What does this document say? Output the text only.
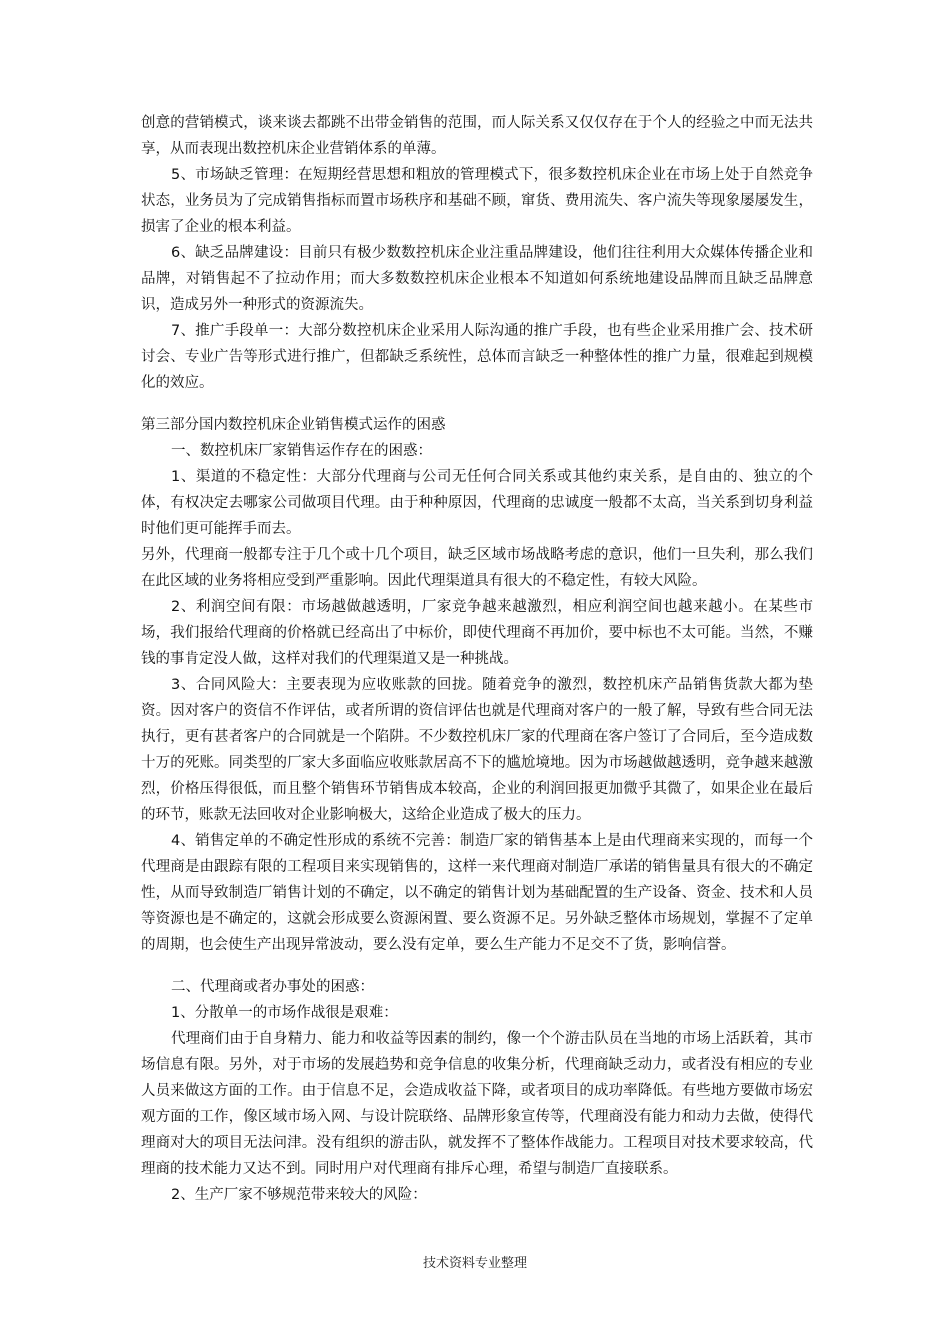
创意的营销模式，谈来谈去都跳不出带金销售的范围，而人际关系又仅仅存在于个人的经验之中而无法共享，从而表现出数控机床企业营销体系的单薄。

5、市场缺乏管理：在短期经营思想和粗放的管理模式下，很多数控机床企业在市场上处于自然竞争状态，业务员为了完成销售指标而置市场秩序和基础不顾，窜货、费用流失、客户流失等现象屡屡发生，损害了企业的根本利益。

6、缺乏品牌建设：目前只有极少数数控机床企业注重品牌建设，他们往往利用大众媒体传播企业和品牌，对销售起不了拉动作用；而大多数数控机床企业根本不知道如何系统地建设品牌而且缺乏品牌意识，造成另外一种形式的资源流失。

7、推广手段单一：大部分数控机床企业采用人际沟通的推广手段，也有些企业采用推广会、技术研讨会、专业广告等形式进行推广，但都缺乏系统性，总体而言缺乏一种整体性的推广力量，很难起到规模化的效应。

第三部分国内数控机床企业销售模式运作的困惑

一、数控机床厂家销售运作存在的困惑：

1、渠道的不稳定性：大部分代理商与公司无任何合同关系或其他约束关系，是自由的、独立的个体，有权决定去哪家公司做项目代理。由于种种原因，代理商的忠诚度一般都不太高，当关系到切身利益时他们更可能挥手而去。

另外，代理商一般都专注于几个或十几个项目，缺乏区域市场战略考虑的意识，他们一旦失利，那么我们在此区域的业务将相应受到严重影响。因此代理渠道具有很大的不稳定性，有较大风险。

2、利润空间有限：市场越做越透明，厂家竞争越来越激烈，相应利润空间也越来越小。在某些市场，我们报给代理商的价格就已经高出了中标价，即使代理商不再加价，要中标也不太可能。当然，不赚钱的事肯定没人做，这样对我们的代理渠道又是一种挑战。

3、合同风险大：主要表现为应收账款的回拢。随着竞争的激烈，数控机床产品销售货款大都为垫资。因对客户的资信不作评估，或者所谓的资信评估也就是代理商对客户的一般了解，导致有些合同无法执行，更有甚者客户的合同就是一个陷阱。不少数控机床厂家的代理商在客户签订了合同后，至今造成数十万的死账。同类型的厂家大多面临应收账款居高不下的尴尬境地。因为市场越做越透明，竞争越来越激烈，价格压得很低，而且整个销售环节销售成本较高，企业的利润回报更加微乎其微了，如果企业在最后的环节，账款无法回收对企业影响极大，这给企业造成了极大的压力。

4、销售定单的不确定性形成的系统不完善：制造厂家的销售基本上是由代理商来实现的，而每一个代理商是由跟踪有限的工程项目来实现销售的，这样一来代理商对制造厂承诺的销售量具有很大的不确定性，从而导致制造厂销售计划的不确定，以不确定的销售计划为基础配置的生产设备、资金、技术和人员等资源也是不确定的，这就会形成要么资源闲置、要么资源不足。另外缺乏整体市场规划，掌握不了定单的周期，也会使生产出现异常波动，要么没有定单，要么生产能力不足交不了货，影响信誉。

二、代理商或者办事处的困惑：

1、分散单一的市场作战很是艰难：

代理商们由于自身精力、能力和收益等因素的制约，像一个个游击队员在当地的市场上活跃着，其市场信息有限。另外，对于市场的发展趋势和竞争信息的收集分析，代理商缺乏动力，或者没有相应的专业人员来做这方面的工作。由于信息不足，会造成收益下降，或者项目的成功率降低。有些地方要做市场宏观方面的工作，像区域市场入网、与设计院联络、品牌形象宣传等，代理商没有能力和动力去做，使得代理商对大的项目无法问津。没有组织的游击队，就发挥不了整体作战能力。工程项目对技术要求较高，代理商的技术能力又达不到。同时用户对代理商有排斥心理，希望与制造厂直接联系。

2、生产厂家不够规范带来较大的风险：

技术资料专业整理
